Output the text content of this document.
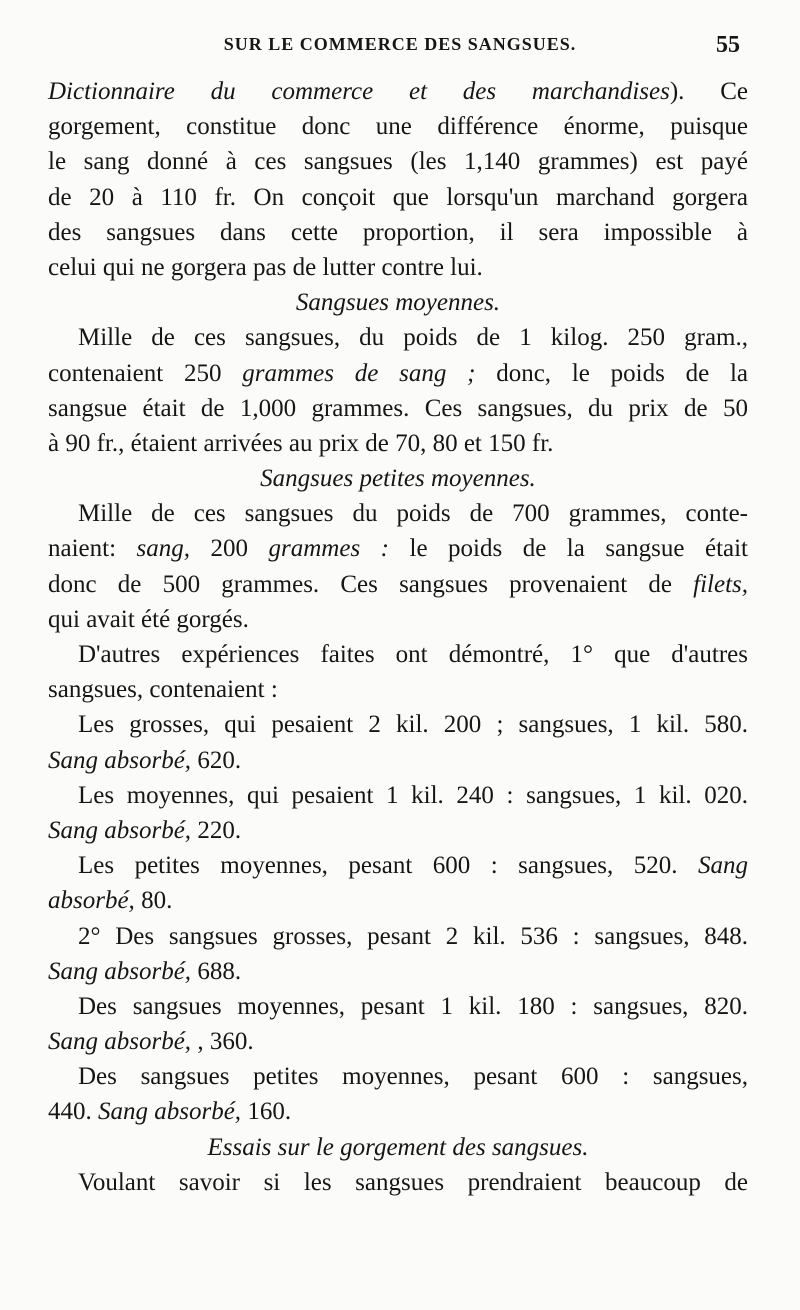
SUR LE COMMERCE DES SANGSUES.	55
Dictionnaire du commerce et des marchandises). Ce
gorgement, constitue donc une différence énorme, puisque
le sang donné à ces sangsues (les 1,140 grammes) est payé
de 20 à 110 fr. On conçoit que lorsqu'un marchand gorgera
des sangsues dans cette proportion, il sera impossible à
celui qui ne gorgera pas de lutter contre lui.
Sangsues moyennes.
Mille de ces sangsues, du poids de 1 kilog. 250 gram.,
contenaient 250 grammes de sang ; donc, le poids de la
sangsue était de 1,000 grammes. Ces sangsues, du prix de 50
à 90 fr., étaient arrivées au prix de 70, 80 et 150 fr.
Sangsues petites moyennes.
Mille de ces sangsues du poids de 700 grammes, conte-
naient: sang, 200 grammes : le poids de la sangsue était
donc de 500 grammes. Ces sangsues provenaient de filets,
qui avait été gorgés.
D'autres expériences faites ont démontré, 1° que d'autres
sangsues, contenaient :
Les grosses, qui pesaient 2 kil. 200 ; sangsues, 1 kil. 580.
Sang absorbé, 620.
Les moyennes, qui pesaient 1 kil. 240 : sangsues, 1 kil. 020.
Sang absorbé, 220.
Les petites moyennes, pesant 600 : sangsues, 520. Sang
absorbé, 80.
2° Des sangsues grosses, pesant 2 kil. 536 : sangsues, 848.
Sang absorbé, 688.
Des sangsues moyennes, pesant 1 kil. 180 : sangsues, 820.
Sang absorbé, , 360.
Des sangsues petites moyennes, pesant 600 : sangsues,
440. Sang absorbé, 160.
Essais sur le gorgement des sangsues.
Voulant savoir si les sangsues prendraient beaucoup de
